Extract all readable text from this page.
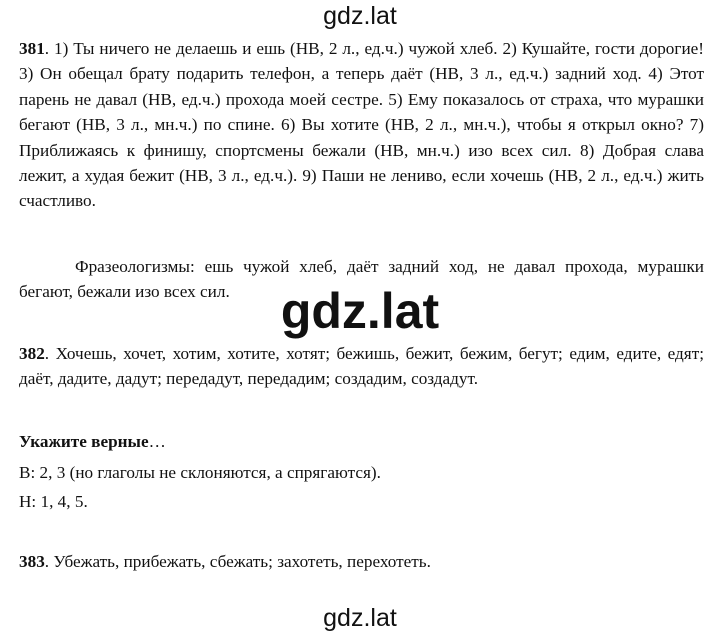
gdz.lat

381. 1) Ты ничего не делаешь и ешь (НВ, 2 л., ед.ч.) чужой хлеб. 2) Кушайте, гости дорогие! 3) Он обещал брату подарить телефон, а теперь даёт (НВ, 3 л., ед.ч.) задний ход. 4) Этот парень не давал (НВ, ед.ч.) прохода моей сестре. 5) Ему показалось от страха, что мурашки бегают (НВ, 3 л., мн.ч.) по спине. 6) Вы хотите (НВ, 2 л., мн.ч.), чтобы я открыл окно? 7) Приближаясь к финишу, спортсмены бежали (НВ, мн.ч.) изо всех сил. 8) Добрая слава лежит, а худая бежит (НВ, 3 л., ед.ч.). 9) Паши не лениво, если хочешь (НВ, 2 л., ед.ч.) жить счастливо.

Фразеологизмы: ешь чужой хлеб, даёт задний ход, не давал прохода, мурашки бегают, бежали изо всех сил.	gdz.lat

382. Хочешь, хочет, хотим, хотите, хотят; бежишь, бежит, бежим, бегут; едим, едите, едят; даёт, дадите, дадут; передадут, передадим; создадим, создадут.

Укажите верные…

В: 2, 3 (но глаголы не склоняются, а спрягаются).

Н: 1, 4, 5.

383. Убежать, прибежать, сбежать; захотеть, перехотеть.

gdz.lat
